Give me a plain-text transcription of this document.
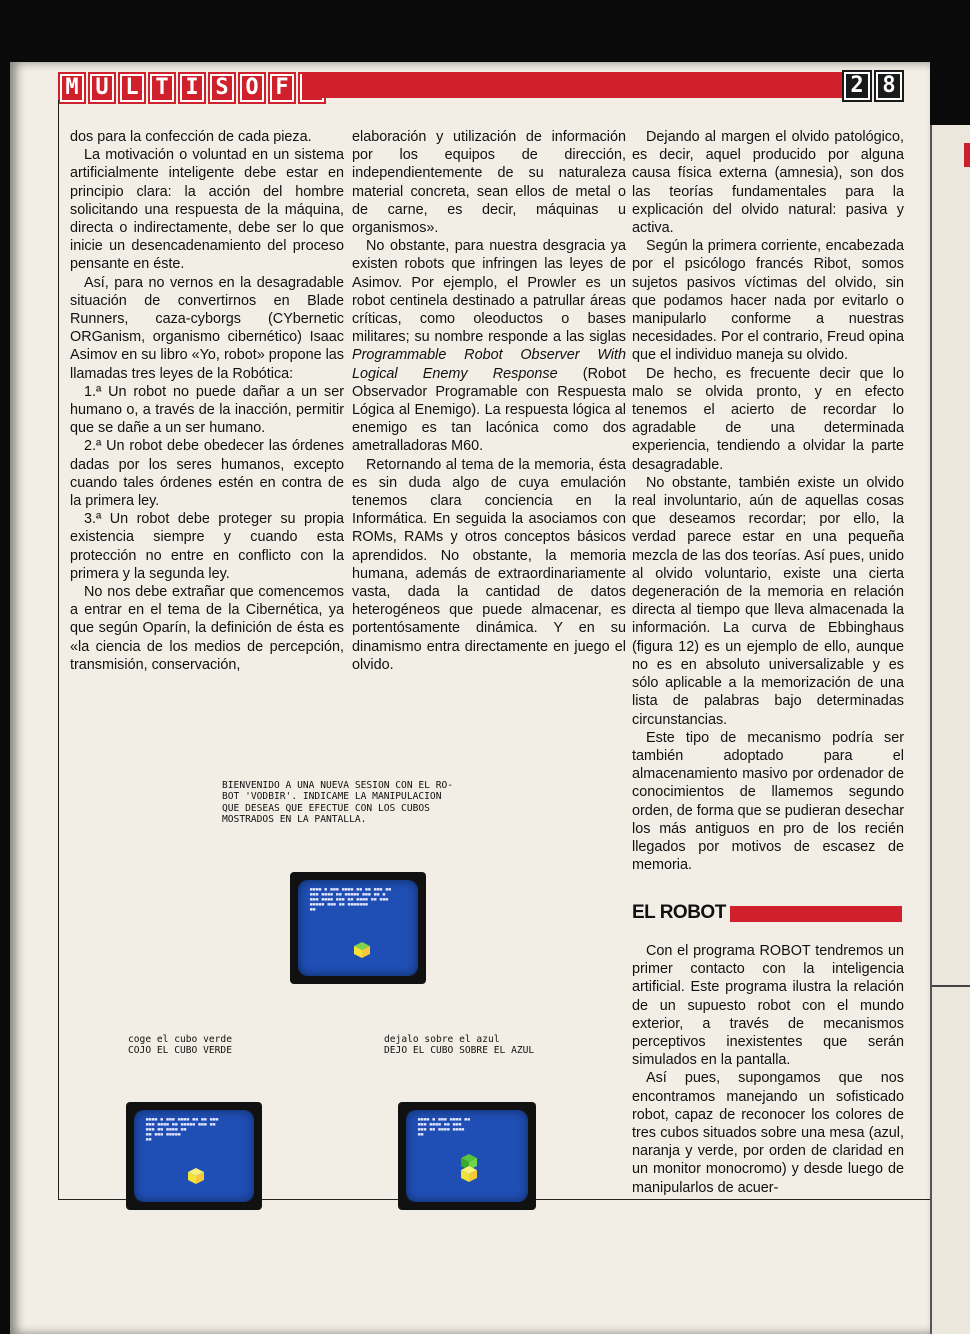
M U L T I S O F	2 8

dos para la confección de cada pieza.

La motivación o voluntad en un sistema artificialmente inteligente debe estar en principio clara: la acción del hombre solicitando una respuesta de la máquina, directa o indirectamente, debe ser lo que inicie un desencadenamiento del proceso pensante en éste.

Así, para no vernos en la desagradable situación de convertirnos en Blade Runners, caza-cyborgs (CYbernetic ORGanism, organismo cibernético) Isaac Asimov en su libro «Yo, robot» propone las llamadas tres leyes de la Robótica:

1.ª Un robot no puede dañar a un ser humano o, a través de la inacción, permitir que se dañe a un ser humano.

2.ª Un robot debe obedecer las órdenes dadas por los seres humanos, excepto cuando tales órdenes estén en contra de la primera ley.

3.ª Un robot debe proteger su propia existencia siempre y cuando esta protección no entre en conflicto con la primera y la segunda ley.

No nos debe extrañar que comencemos a entrar en el tema de la Cibernética, ya que según Oparín, la definición de ésta es «la ciencia de los medios de percepción, transmisión, conservación,

elaboración y utilización de información por los equipos de dirección, independientemente de su naturaleza material concreta, sean ellos de metal o de carne, es decir, máquinas u organismos».

No obstante, para nuestra desgracia ya existen robots que infringen las leyes de Asimov. Por ejemplo, el Prowler es un robot centinela destinado a patrullar áreas críticas, como oleoductos o bases militares; su nombre responde a las siglas Programmable Robot Observer With Logical Enemy Response (Robot Observador Programable con Respuesta Lógica al Enemigo). La respuesta lógica al enemigo es tan lacónica como dos ametralladoras M60.

Retornando al tema de la memoria, ésta es sin duda algo de cuya emulación tenemos clara conciencia en la Informática. En seguida la asociamos con ROMs, RAMs y otros conceptos básicos aprendidos. No obstante, la memoria humana, además de extraordinariamente vasta, dada la cantidad de datos heterogéneos que puede almacenar, es portentósamente dinámica. Y en su dinamismo entra directamente en juego el olvido.

Dejando al margen el olvido patológico, es decir, aquel producido por alguna causa física externa (amnesia), son dos las teorías fundamentales para la explicación del olvido natural: pasiva y activa.

Según la primera corriente, encabezada por el psicólogo francés Ribot, somos sujetos pasivos víctimas del olvido, sin que podamos hacer nada por evitarlo o manipularlo conforme a nuestras necesidades. Por el contrario, Freud opina que el individuo maneja su olvido.

De hecho, es frecuente decir que lo malo se olvida pronto, y en efecto tenemos el acierto de recordar lo agradable de una determinada experiencia, tendiendo a olvidar la parte desagradable.

No obstante, también existe un olvido real involuntario, aún de aquellas cosas que deseamos recordar; por ello, la verdad parece estar en una pequeña mezcla de las dos teorías. Así pues, unido al olvido voluntario, existe una cierta degeneración de la memoria en relación directa al tiempo que lleva almacenada la información. La curva de Ebbinghaus (figura 12) es un ejemplo de ello, aunque no es en absoluto universalizable y es sólo aplicable a la memorización de una lista de palabras bajo determinadas circunstancias.

Este tipo de mecanismo podría ser también adoptado para el almacenamiento masivo por ordenador de conocimientos de llamemos segundo orden, de forma que se pudieran desechar los más antiguos en pro de los recién llegados por motivos de escasez de memoria.

EL ROBOT

Con el programa ROBOT tendremos un primer contacto con la inteligencia artificial. Este programa ilustra la relación de un supuesto robot con el mundo exterior, a través de mecanismos perceptivos inexistentes que serán simulados en la pantalla.

Así pues, supongamos que nos encontramos manejando un sofisticado robot, capaz de reconocer los colores de tres cubos situados sobre una mesa (azul, naranja y verde, por orden de claridad en un monitor monocromo) y desde luego de manipularlos de acuer-

BIENVENIDO A UNA NUEVA SESION CON EL RO-
BOT 'VODBIR'. INDICAME LA MANIPULACION
QUE DESEAS QUE EFECTUE CON LOS CUBOS
MOSTRADOS EN LA PANTALLA.
coge el cubo verde
COJO EL CUBO VERDE
dejalo sobre el azul
DEJO EL CUBO SOBRE EL AZUL
▀▀▀▀ ▀ ▀▀▀ ▀▀▀▀ ▀▀ ▀▀ ▀▀▀ ▀▀
▀▀▀ ▀▀▀▀ ▀▀ ▀▀▀▀▀ ▀▀▀ ▀▀ ▀
▀▀▀ ▀▀▀▀ ▀▀▀ ▀▀ ▀▀▀▀ ▀▀ ▀▀▀
▀▀▀▀▀ ▀▀▀ ▀▀ ▀▀▀▀▀▀▀
▀▀
▀▀▀▀ ▀ ▀▀▀ ▀▀▀▀ ▀▀ ▀▀ ▀▀▀
▀▀▀ ▀▀▀▀ ▀▀ ▀▀▀▀▀ ▀▀▀ ▀▀
▀▀▀ ▀▀ ▀▀▀▀ ▀▀
▀▀ ▀▀▀ ▀▀▀▀▀
▀▀
▀▀▀▀ ▀ ▀▀▀ ▀▀▀▀ ▀▀
▀▀▀ ▀▀▀▀ ▀▀ ▀▀▀
▀▀▀ ▀▀ ▀▀▀▀ ▀▀▀▀
▀▀
